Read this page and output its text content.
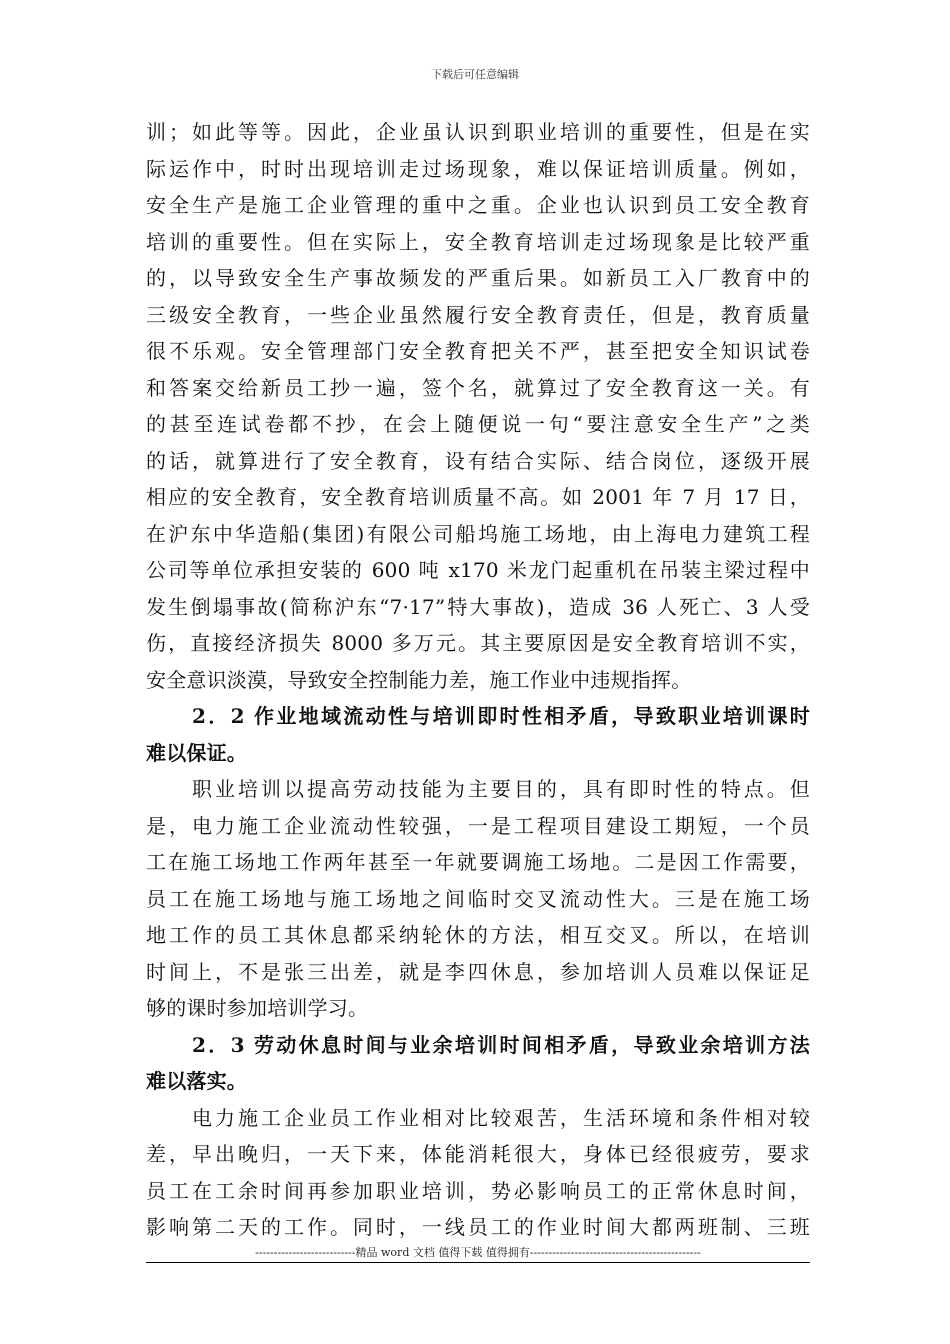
下载后可任意编辑
训；如此等等。因此，企业虽认识到职业培训的重要性，但是在实
际运作中，时时出现培训走过场现象，难以保证培训质量。例如，
安全生产是施工企业管理的重中之重。企业也认识到员工安全教育
培训的重要性。但在实际上，安全教育培训走过场现象是比较严重
的，以导致安全生产事故频发的严重后果。如新员工入厂教育中的
三级安全教育，一些企业虽然履行安全教育责任，但是，教育质量
很不乐观。安全管理部门安全教育把关不严，甚至把安全知识试卷
和答案交给新员工抄一遍，签个名，就算过了安全教育这一关。有
的甚至连试卷都不抄，在会上随便说一句“要注意安全生产”之类
的话，就算进行了安全教育，设有结合实际、结合岗位，逐级开展
相应的安全教育，安全教育培训质量不高。如 2001 年 7 月 17 日，
在沪东中华造船(集团)有限公司船坞施工场地，由上海电力建筑工程
公司等单位承担安装的 600 吨 x170 米龙门起重机在吊装主梁过程中
发生倒塌事故(简称沪东“7·17”特大事故)，造成 36 人死亡、3 人受
伤，直接经济损失 8000 多万元。其主要原因是安全教育培训不实，
安全意识淡漠，导致安全控制能力差，施工作业中违规指挥。
2．2 作业地域流动性与培训即时性相矛盾，导致职业培训课时
难以保证。
职业培训以提高劳动技能为主要目的，具有即时性的特点。但
是，电力施工企业流动性较强，一是工程项目建设工期短，一个员
工在施工场地工作两年甚至一年就要调施工场地。二是因工作需要，
员工在施工场地与施工场地之间临时交叉流动性大。三是在施工场
地工作的员工其休息都采纳轮休的方法，相互交叉。所以，在培训
时间上，不是张三出差，就是李四休息，参加培训人员难以保证足
够的课时参加培训学习。
2．3 劳动休息时间与业余培训时间相矛盾，导致业余培训方法
难以落实。
电力施工企业员工作业相对比较艰苦，生活环境和条件相对较
差，早出晚归，一天下来，体能消耗很大，身体已经很疲劳，要求
员工在工余时间再参加职业培训，势必影响员工的正常休息时间，
影响第二天的工作。同时，一线员工的作业时间大都两班制、三班
---------------------------精品 word 文档 值得下载 值得拥有----------------------------------------------
